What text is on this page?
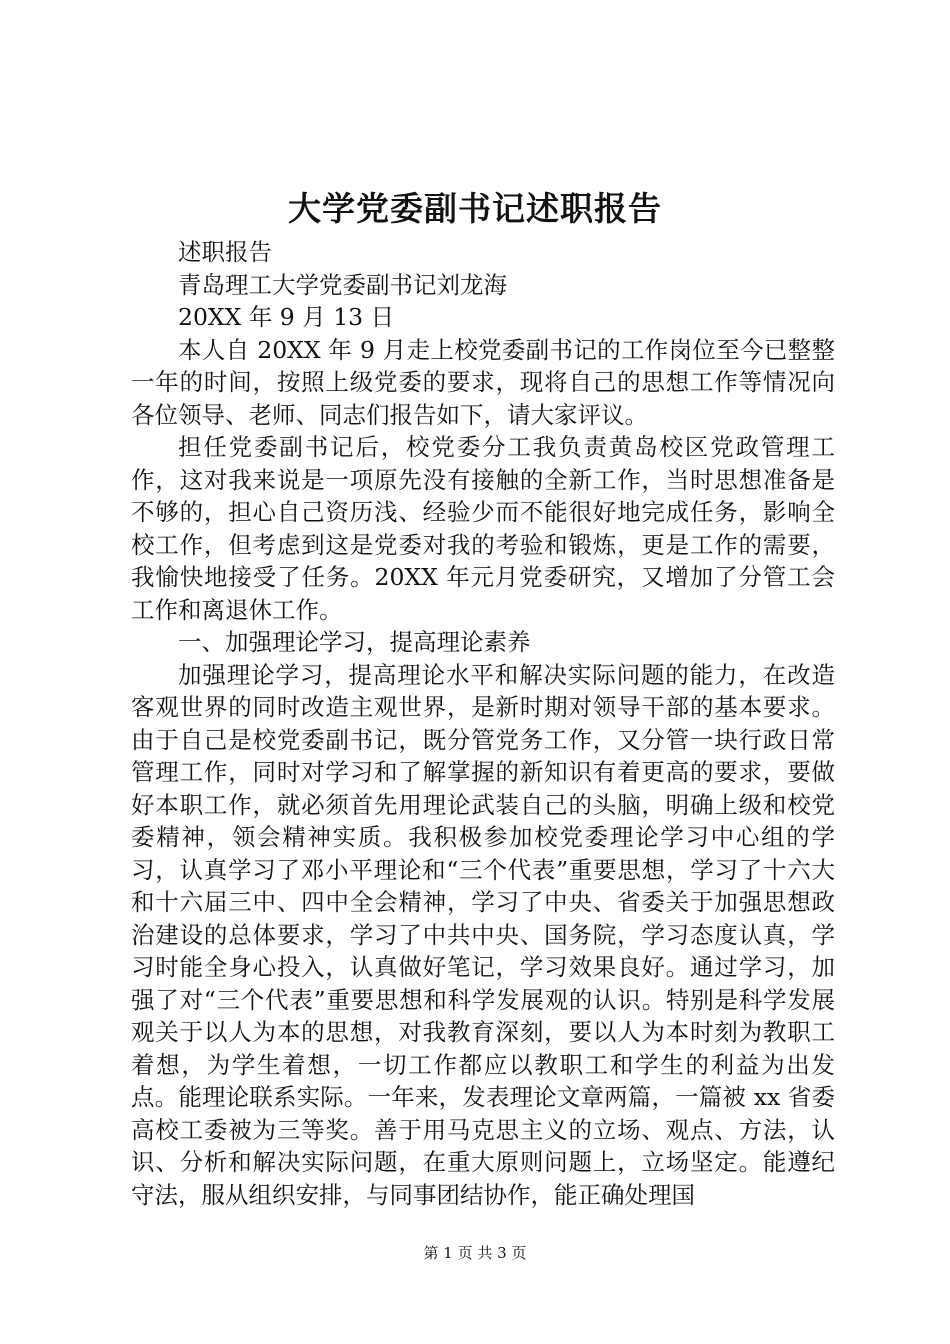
大学党委副书记述职报告

述职报告

青岛理工大学党委副书记刘龙海

20XX 年 9 月 13 日

本人自 20XX 年 9 月走上校党委副书记的工作岗位至今已整整一年的时间，按照上级党委的要求，现将自己的思想工作等情况向各位领导、老师、同志们报告如下，请大家评议。

担任党委副书记后，校党委分工我负责黄岛校区党政管理工作，这对我来说是一项原先没有接触的全新工作，当时思想准备是不够的，担心自己资历浅、经验少而不能很好地完成任务，影响全校工作，但考虑到这是党委对我的考验和锻炼，更是工作的需要，我愉快地接受了任务。20XX 年元月党委研究，又增加了分管工会工作和离退休工作。

一、加强理论学习，提高理论素养

加强理论学习，提高理论水平和解决实际问题的能力，在改造客观世界的同时改造主观世界，是新时期对领导干部的基本要求。由于自己是校党委副书记，既分管党务工作，又分管一块行政日常管理工作，同时对学习和了解掌握的新知识有着更高的要求，要做好本职工作，就必须首先用理论武装自己的头脑，明确上级和校党委精神，领会精神实质。我积极参加校党委理论学习中心组的学习，认真学习了邓小平理论和“三个代表”重要思想，学习了十六大和十六届三中、四中全会精神，学习了中央、省委关于加强思想政治建设的总体要求，学习了中共中央、国务院，学习态度认真，学习时能全身心投入，认真做好笔记，学习效果良好。通过学习，加强了对“三个代表”重要思想和科学发展观的认识。特别是科学发展观关于以人为本的思想，对我教育深刻，要以人为本时刻为教职工着想，为学生着想，一切工作都应以教职工和学生的利益为出发点。能理论联系实际。一年来，发表理论文章两篇，一篇被 xx 省委高校工委被为三等奖。善于用马克思主义的立场、观点、方法，认识、分析和解决实际问题，在重大原则问题上，立场坚定。能遵纪守法，服从组织安排，与同事团结协作，能正确处理国

第 1 页 共 3 页
